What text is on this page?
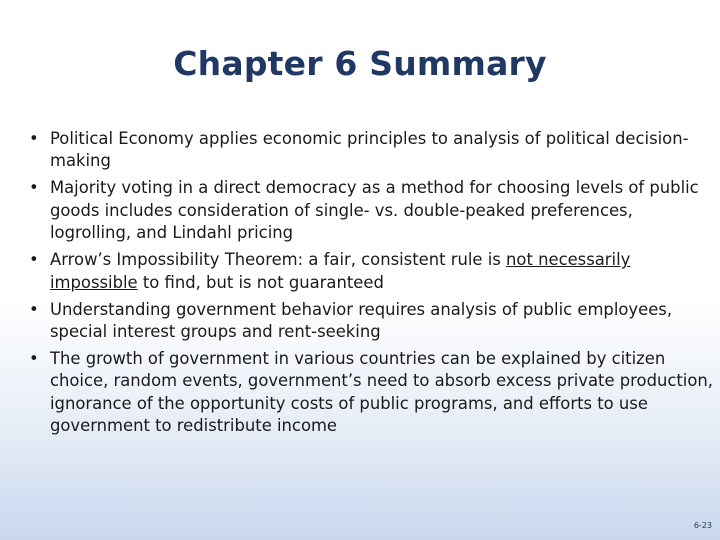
Chapter 6 Summary
• Political Economy applies economic principles to analysis of political decision-making
• Majority voting in a direct democracy as a method for choosing levels of public goods includes consideration of single- vs. double-peaked preferences, logrolling, and Lindahl pricing
• Arrow’s Impossibility Theorem: a fair, consistent rule is not necessarily impossible to find, but is not guaranteed
• Understanding government behavior requires analysis of public employees, special interest groups and rent-seeking
• The growth of government in various countries can be explained by citizen choice, random events, government’s need to absorb excess private production, ignorance of the opportunity costs of public programs, and efforts to use government to redistribute income
6-23
